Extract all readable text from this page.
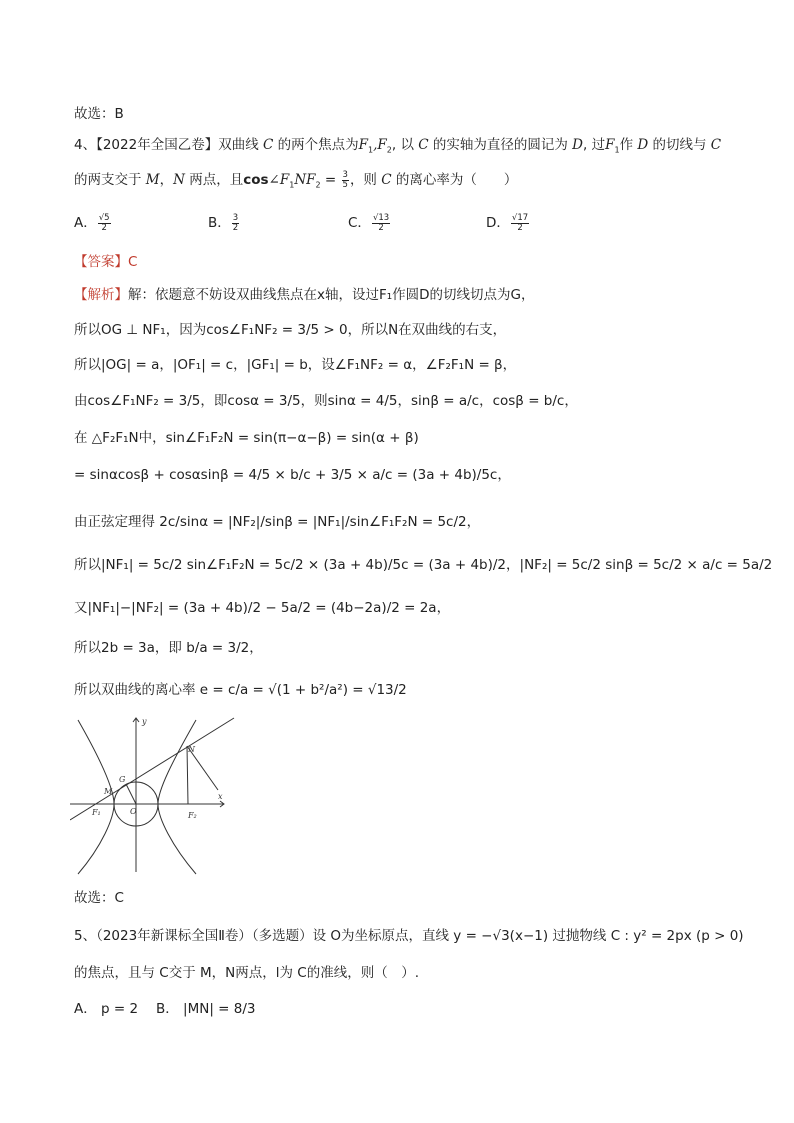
故选：B
4、【2022年全国乙卷】双曲线 C 的两个焦点为$F_1,F_2$, 以 C 的实轴为直径的圆记为 D, 过$F_1$作 D 的切线与 C
的两支交于 M，N 两点，且$\cos\angle F_1NF_2 = \frac{3}{5}$ ，则 C 的离心率为（　　）
A． $\frac{√5}{2}$	B． $\frac{3}{2}$	C． $\frac{√13}{2}$	D． $\frac{√17}{2}$
【答案】C
【解析】解：依题意不妨设双曲线焦点在x轴，设过F₁作圆D的切线切点为G，
所以OG ⊥ NF₁，因为cos∠F₁NF₂ = 3/5 > 0，所以N在双曲线的右支，
所以|OG| = a，|OF₁| = c，|GF₁| = b，设∠F₁NF₂ = α，∠F₂F₁N = β，
由cos∠F₁NF₂ = 3/5，即cosα = 3/5，则sinα = 4/5，sinβ = a/c，cosβ = b/c，
在 △F₂F₁N中，sin∠F₁F₂N = sin(π−α−β) = sin(α + β)
= sinαcosβ + cosαsinβ = 4/5 × b/c + 3/5 × a/c = (3a + 4b)/5c，
由正弦定理得 2c/sinα = |NF₂|/sinβ = |NF₁|/sin∠F₁F₂N = 5c/2，
所以|NF₁| = 5c/2 sin∠F₁F₂N = 5c/2 × (3a + 4b)/5c = (3a + 4b)/2，|NF₂| = 5c/2 sinβ = 5c/2 × a/c = 5a/2
又|NF₁|−|NF₂| = (3a + 4b)/2 − 5a/2 = (4b−2a)/2 = 2a，
所以2b = 3a，即 b/a = 3/2，
所以双曲线的离心率 e = c/a = √(1 + b²/a²) = √13/2
y
x
N
G
M
O
F₁	F₂
故选：C
5、（2023年新课标全国Ⅱ卷）（多选题）设 O为坐标原点，直线 y = −√3(x−1) 过抛物线 C : y² = 2px (p > 0)
的焦点，且与 C交于 M，N两点，l为 C的准线，则（　）.
A． p = 2 B． |MN| = 8/3
